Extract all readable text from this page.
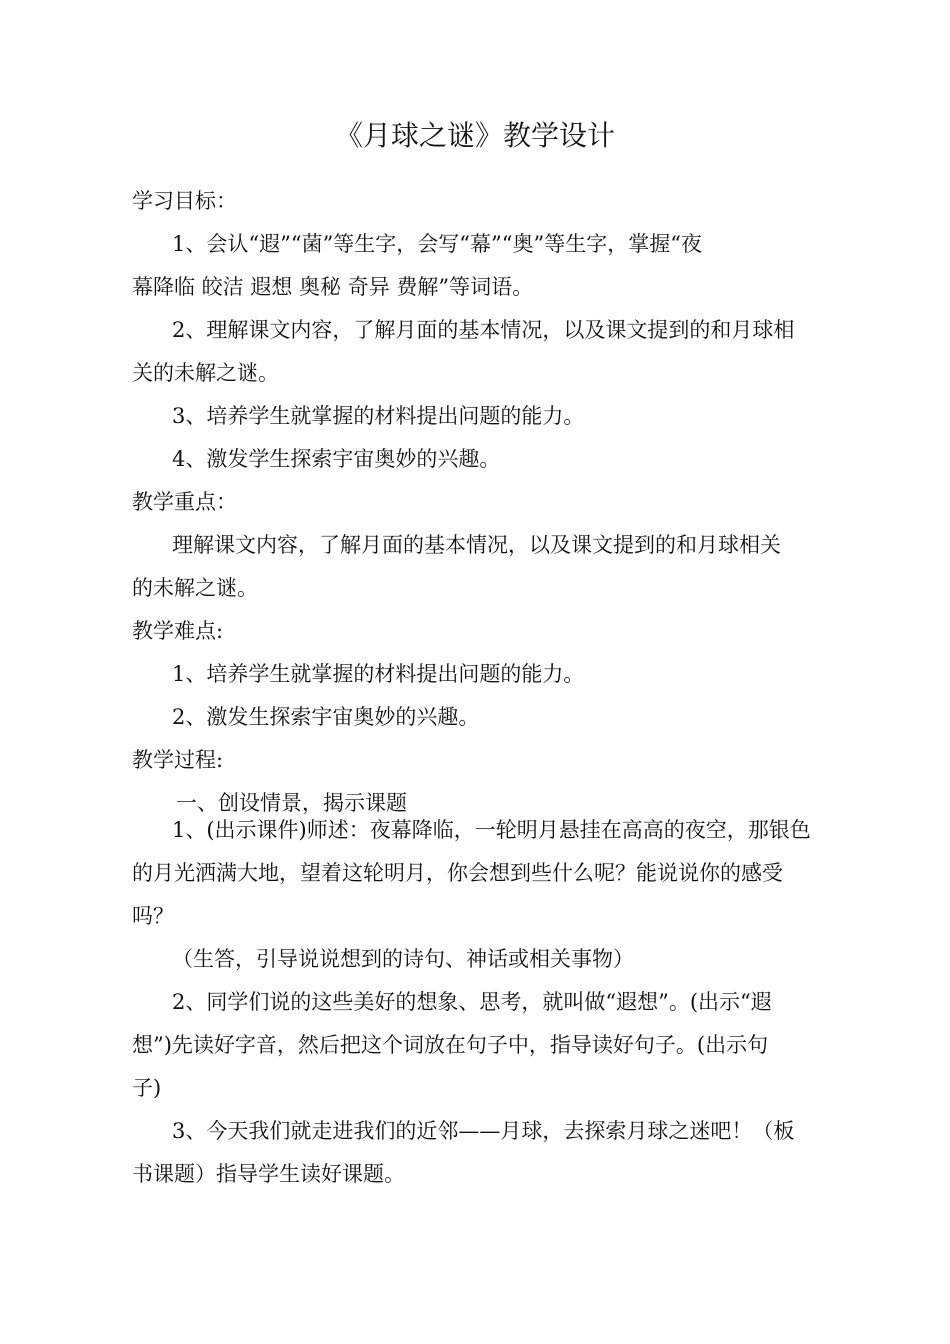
《月球之谜》教学设计
学习目标：
1、会认“遐”“菌”等生字，会写“幕”“奥”等生字，掌握“夜
幕降临 皎洁 遐想 奥秘 奇异 费解”等词语。
2、理解课文内容，了解月面的基本情况，以及课文提到的和月球相
关的未解之谜。
3、培养学生就掌握的材料提出问题的能力。
4、激发学生探索宇宙奥妙的兴趣。
教学重点：
理解课文内容，了解月面的基本情况，以及课文提到的和月球相关
的未解之谜。
教学难点:
1、培养学生就掌握的材料提出问题的能力。
2、激发生探索宇宙奥妙的兴趣。
教学过程:
一、创设情景，揭示课题
1、(出示课件)师述：夜幕降临，一轮明月悬挂在高高的夜空，那银色
的月光洒满大地，望着这轮明月，你会想到些什么呢？能说说你的感受
吗？
（生答，引导说说想到的诗句、神话或相关事物）
2、同学们说的这些美好的想象、思考，就叫做“遐想”。(出示“遐
想”)先读好字音，然后把这个词放在句子中，指导读好句子。(出示句
子)
3、今天我们就走进我们的近邻——月球，去探索月球之迷吧！（板
书课题）指导学生读好课题。
